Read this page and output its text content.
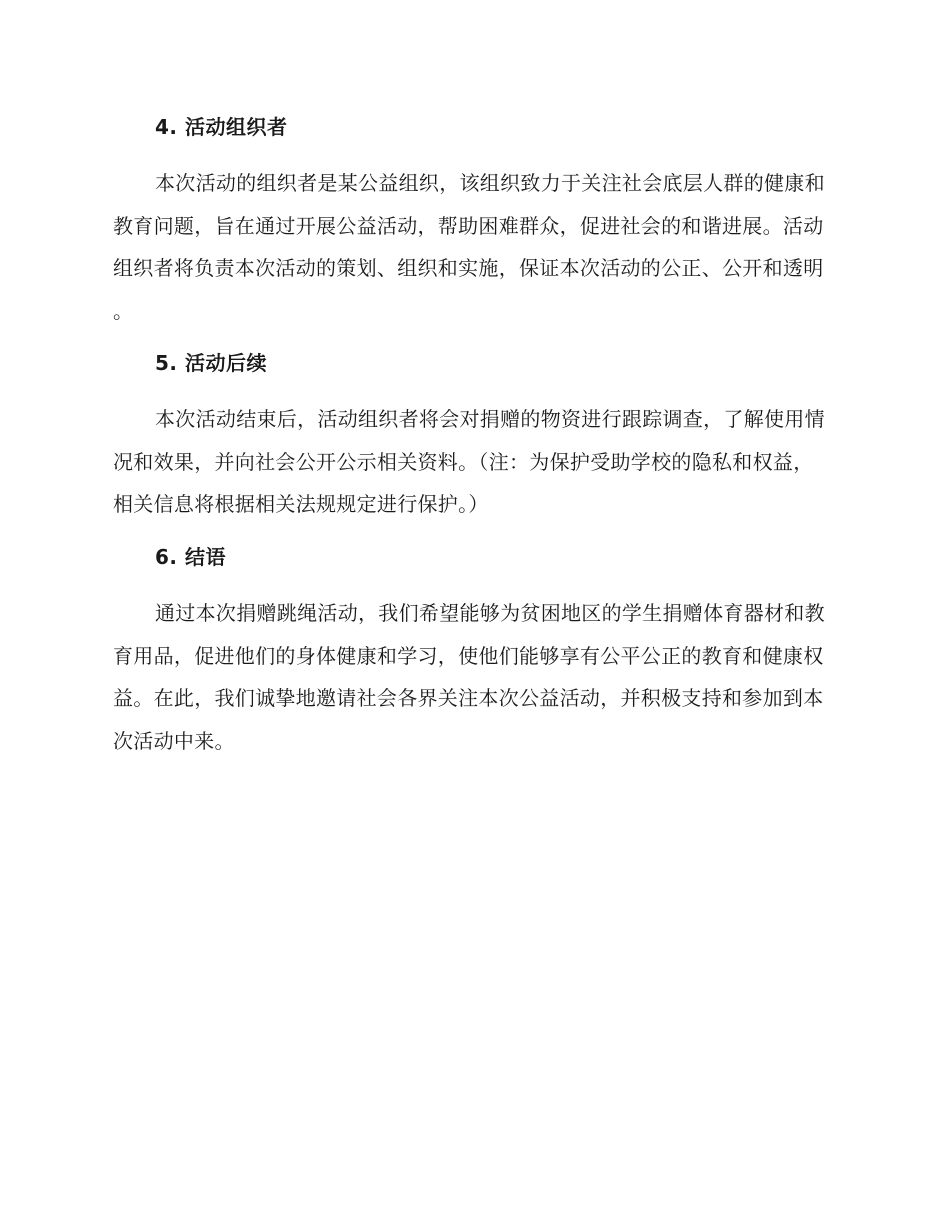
4. 活动组织者

本次活动的组织者是某公益组织，该组织致力于关注社会底层人群的健康和教育问题，旨在通过开展公益活动，帮助困难群众，促进社会的和谐进展。活动组织者将负责本次活动的策划、组织和实施，保证本次活动的公正、公开和透明。

5. 活动后续

本次活动结束后，活动组织者将会对捐赠的物资进行跟踪调查，了解使用情况和效果，并向社会公开公示相关资料。（注：为保护受助学校的隐私和权益，相关信息将根据相关法规规定进行保护。）

6. 结语

通过本次捐赠跳绳活动，我们希望能够为贫困地区的学生捐赠体育器材和教育用品，促进他们的身体健康和学习，使他们能够享有公平公正的教育和健康权益。在此，我们诚挚地邀请社会各界关注本次公益活动，并积极支持和参加到本次活动中来。
